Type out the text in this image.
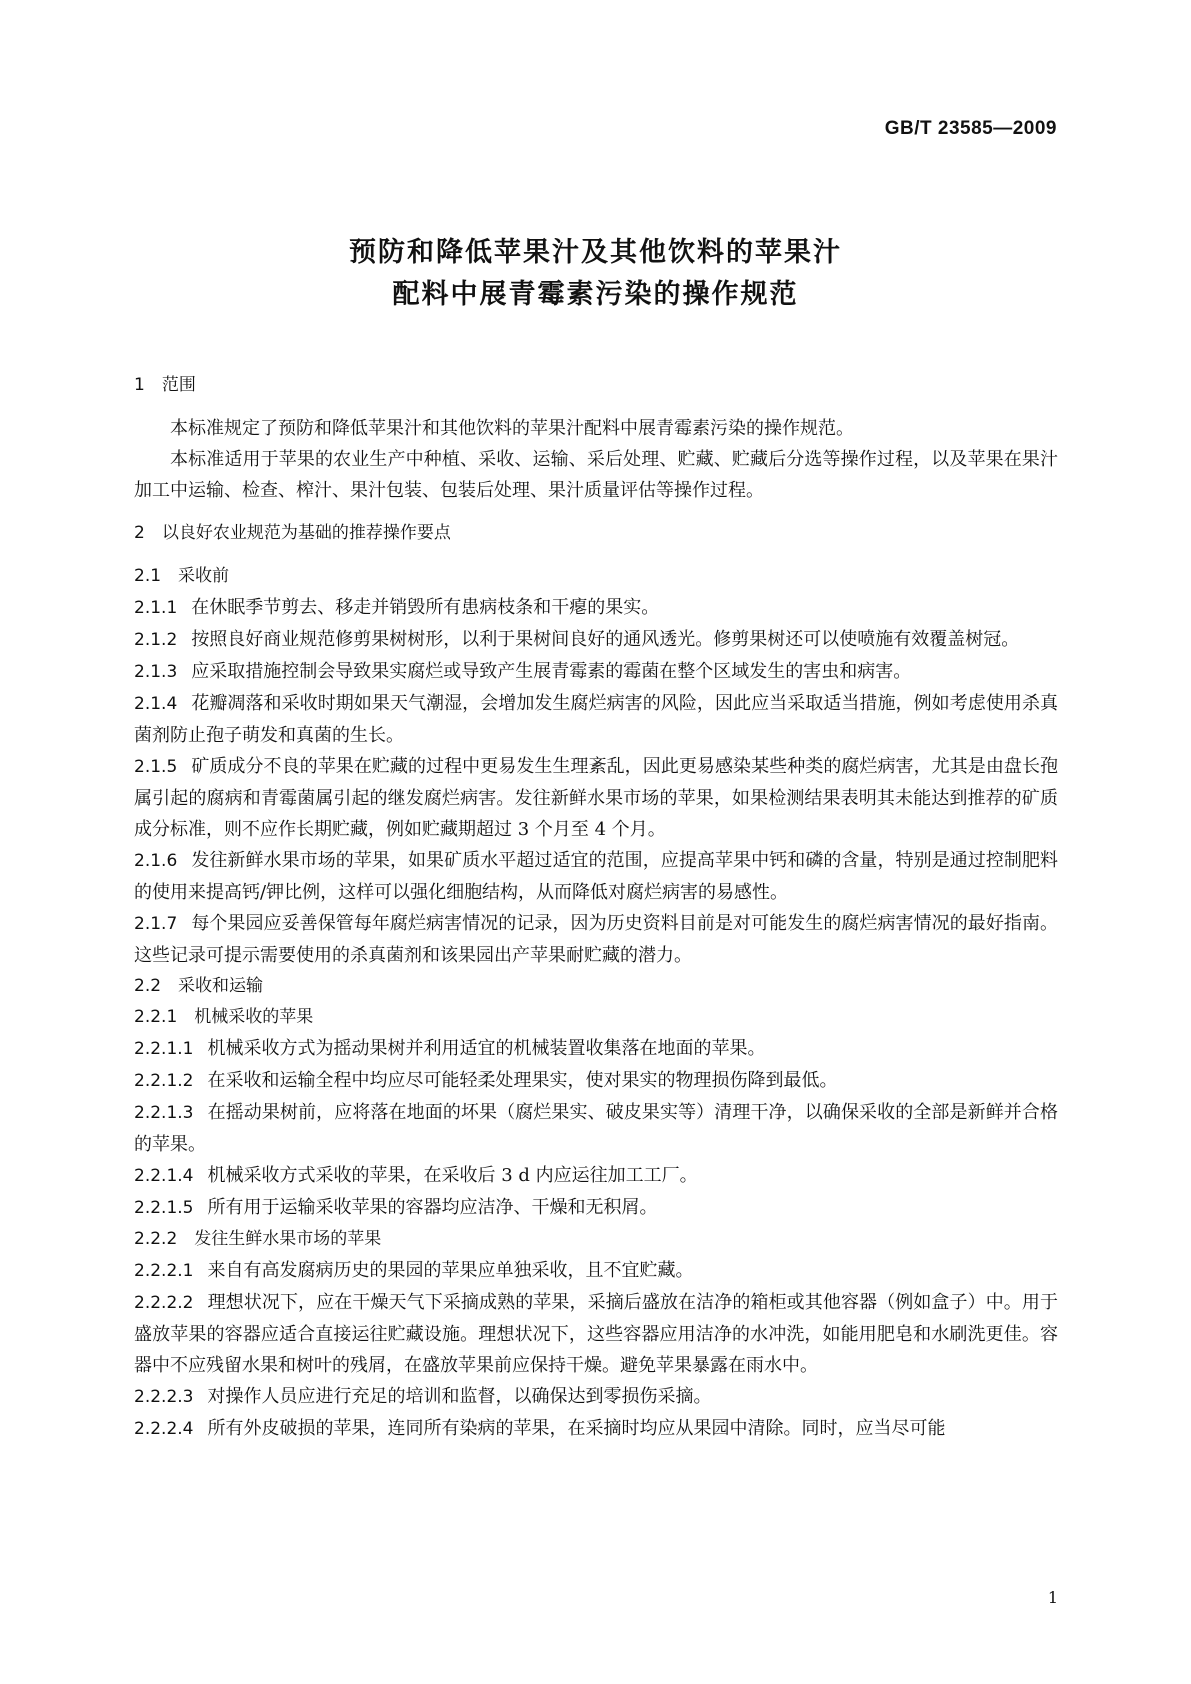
GB/T 23585—2009
预防和降低苹果汁及其他饮料的苹果汁
配料中展青霉素污染的操作规范
1　范围
本标准规定了预防和降低苹果汁和其他饮料的苹果汁配料中展青霉素污染的操作规范。
本标准适用于苹果的农业生产中种植、采收、运输、采后处理、贮藏、贮藏后分选等操作过程，以及苹果在果汁加工中运输、检查、榨汁、果汁包装、包装后处理、果汁质量评估等操作过程。
2　以良好农业规范为基础的推荐操作要点
2.1　采收前
2.1.1 在休眠季节剪去、移走并销毁所有患病枝条和干瘪的果实。
2.1.2 按照良好商业规范修剪果树树形，以利于果树间良好的通风透光。修剪果树还可以使喷施有效覆盖树冠。
2.1.3 应采取措施控制会导致果实腐烂或导致产生展青霉素的霉菌在整个区域发生的害虫和病害。
2.1.4 花瓣凋落和采收时期如果天气潮湿，会增加发生腐烂病害的风险，因此应当采取适当措施，例如考虑使用杀真菌剂防止孢子萌发和真菌的生长。
2.1.5 矿质成分不良的苹果在贮藏的过程中更易发生生理紊乱，因此更易感染某些种类的腐烂病害，尤其是由盘长孢属引起的腐病和青霉菌属引起的继发腐烂病害。发往新鲜水果市场的苹果，如果检测结果表明其未能达到推荐的矿质成分标准，则不应作长期贮藏，例如贮藏期超过 3 个月至 4 个月。
2.1.6 发往新鲜水果市场的苹果，如果矿质水平超过适宜的范围，应提高苹果中钙和磷的含量，特别是通过控制肥料的使用来提高钙/钾比例，这样可以强化细胞结构，从而降低对腐烂病害的易感性。
2.1.7 每个果园应妥善保管每年腐烂病害情况的记录，因为历史资料目前是对可能发生的腐烂病害情况的最好指南。这些记录可提示需要使用的杀真菌剂和该果园出产苹果耐贮藏的潜力。
2.2　采收和运输
2.2.1　机械采收的苹果
2.2.1.1 机械采收方式为摇动果树并利用适宜的机械装置收集落在地面的苹果。
2.2.1.2 在采收和运输全程中均应尽可能轻柔处理果实，使对果实的物理损伤降到最低。
2.2.1.3 在摇动果树前，应将落在地面的坏果（腐烂果实、破皮果实等）清理干净，以确保采收的全部是新鲜并合格的苹果。
2.2.1.4 机械采收方式采收的苹果，在采收后 3 d 内应运往加工工厂。
2.2.1.5 所有用于运输采收苹果的容器均应洁净、干燥和无积屑。
2.2.2　发往生鲜水果市场的苹果
2.2.2.1 来自有高发腐病历史的果园的苹果应单独采收，且不宜贮藏。
2.2.2.2 理想状况下，应在干燥天气下采摘成熟的苹果，采摘后盛放在洁净的箱柜或其他容器（例如盒子）中。用于盛放苹果的容器应适合直接运往贮藏设施。理想状况下，这些容器应用洁净的水冲洗，如能用肥皂和水刷洗更佳。容器中不应残留水果和树叶的残屑，在盛放苹果前应保持干燥。避免苹果暴露在雨水中。
2.2.2.3 对操作人员应进行充足的培训和监督，以确保达到零损伤采摘。
2.2.2.4 所有外皮破损的苹果，连同所有染病的苹果，在采摘时均应从果园中清除。同时，应当尽可能
1
